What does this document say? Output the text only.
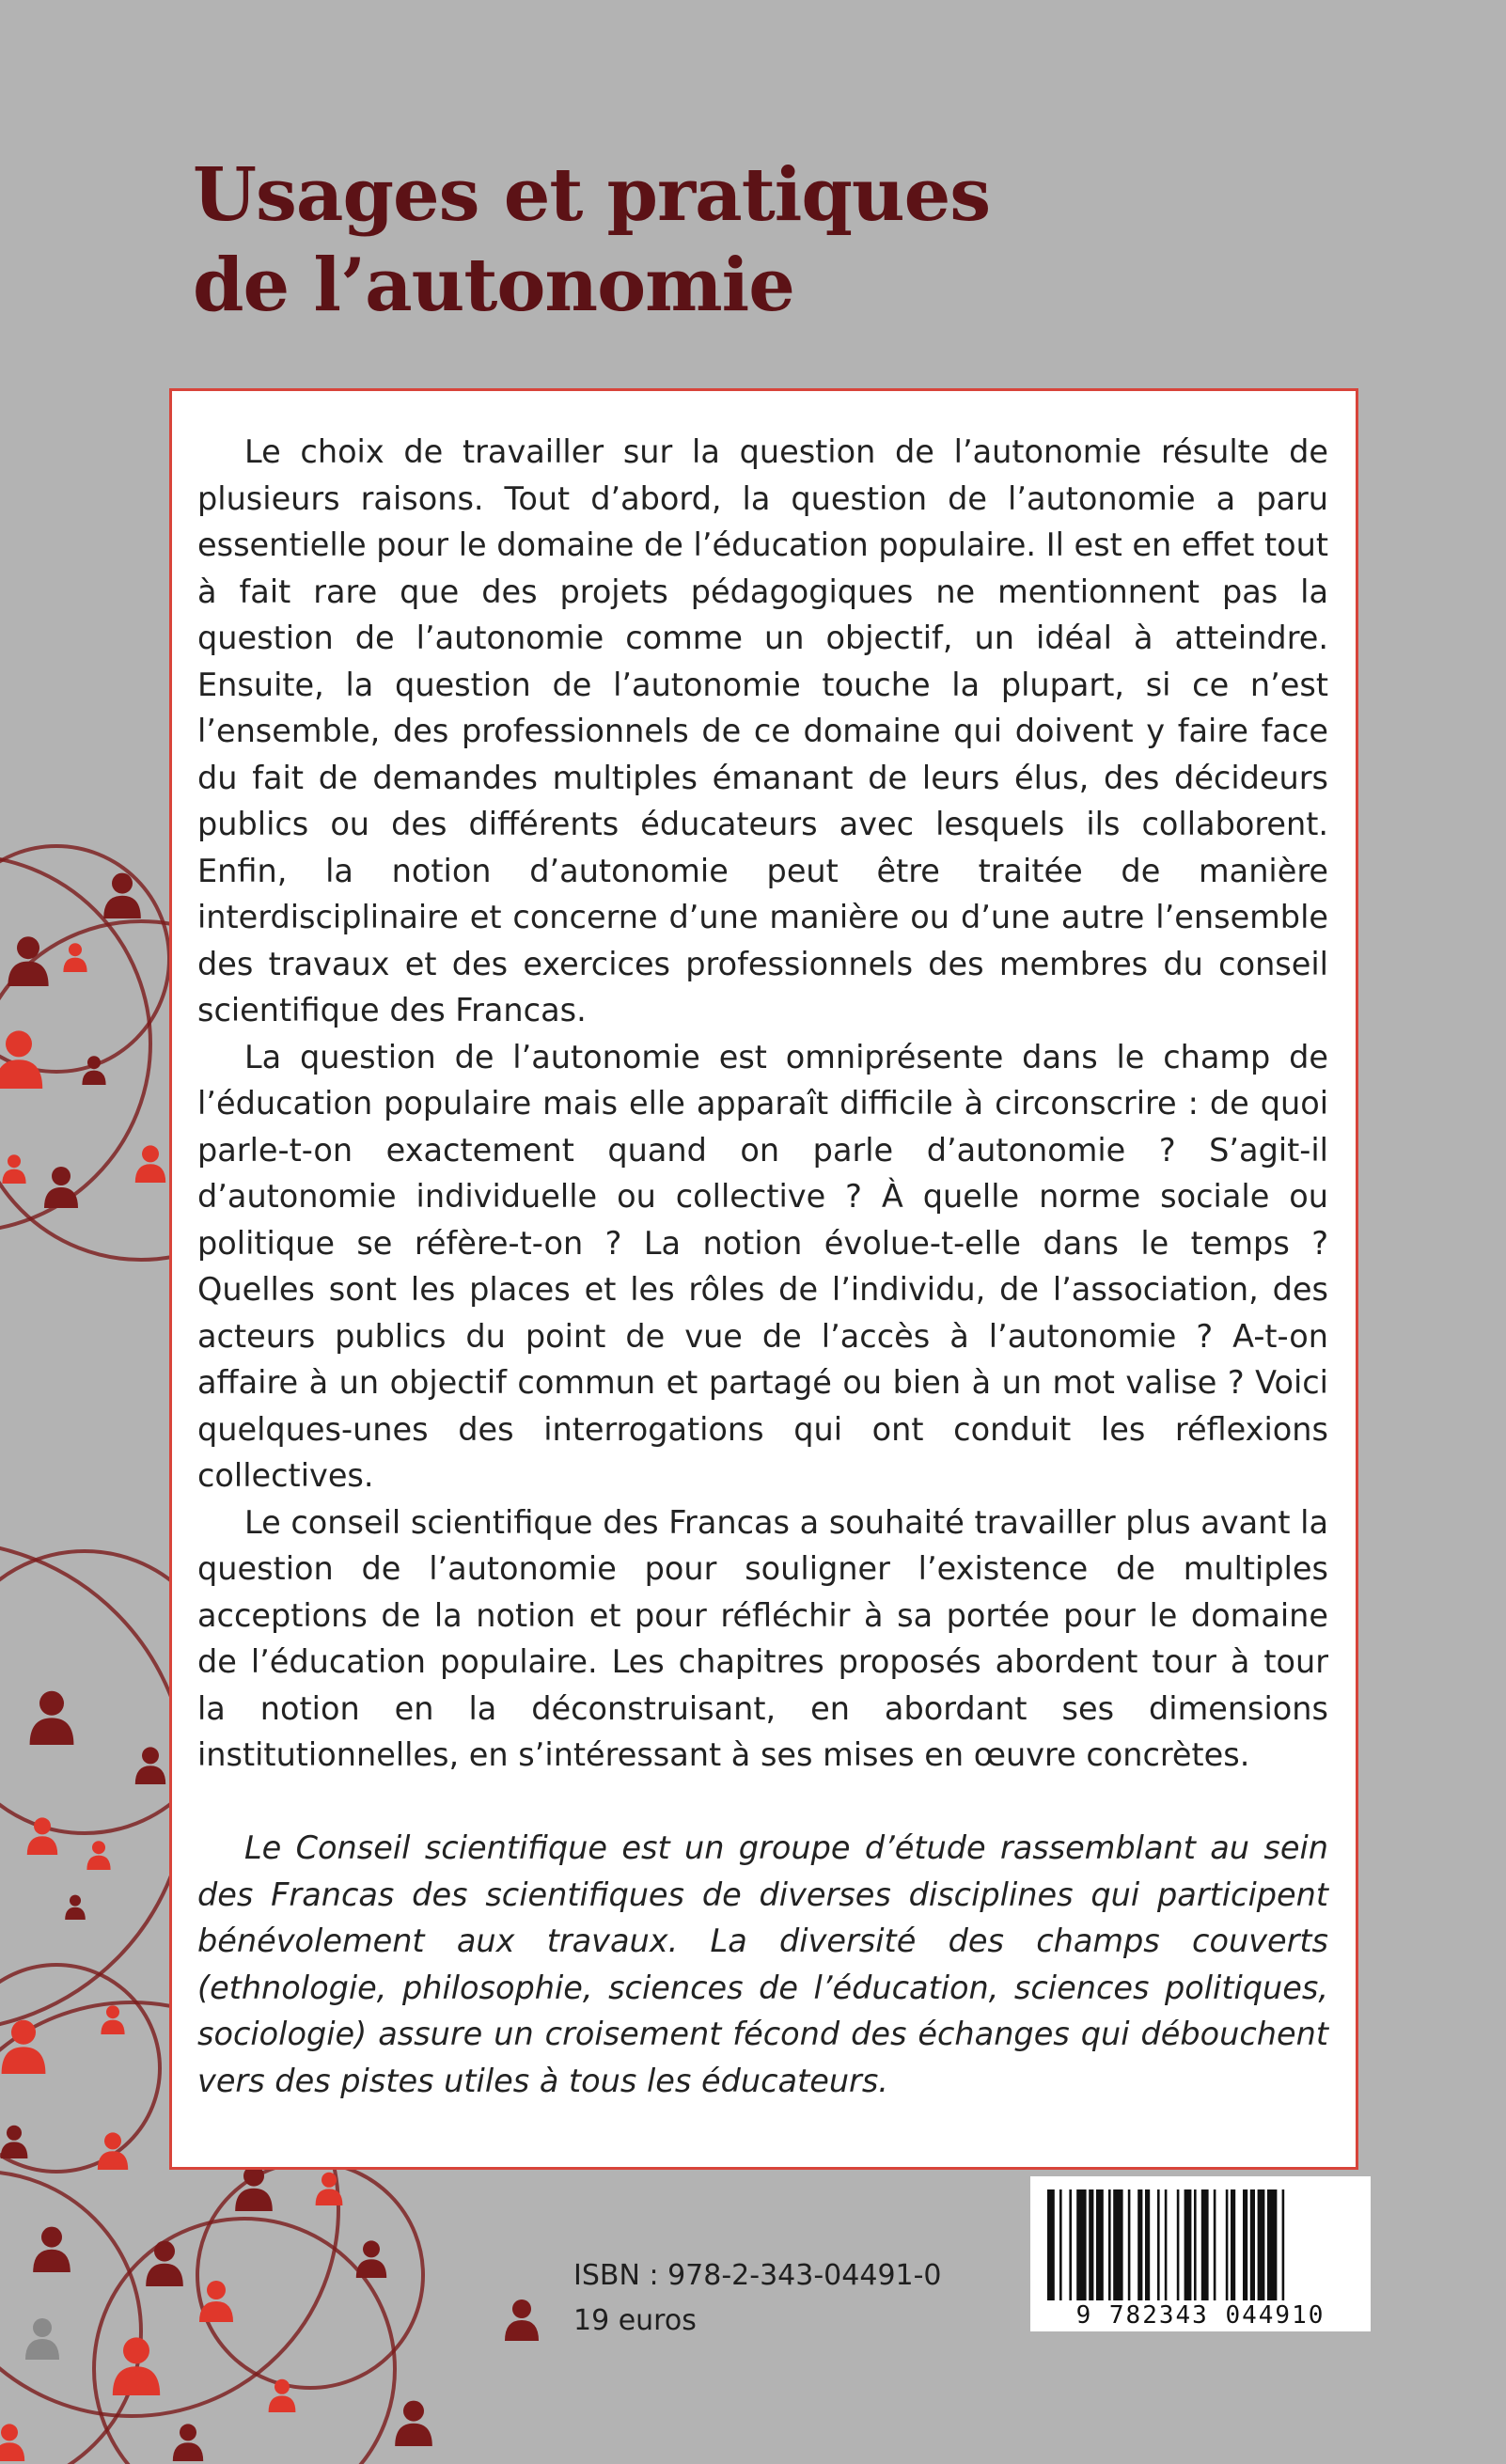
Usages et pratiques
de l’autonomie

Le choix de travailler sur la question de l’autonomie résulte de plusieurs raisons. Tout d’abord, la question de l’autonomie a paru essentielle pour le domaine de l’éducation populaire. Il est en effet tout à fait rare que des projets pédagogiques ne mentionnent pas la question de l’autonomie comme un objectif, un idéal à atteindre. Ensuite, la question de l’autonomie touche la plupart, si ce n’est l’ensemble, des professionnels de ce domaine qui doivent y faire face du fait de demandes multiples émanant de leurs élus, des décideurs publics ou des différents éducateurs avec lesquels ils collaborent. Enfin, la notion d’autonomie peut être traitée de manière interdisciplinaire et concerne d’une manière ou d’une autre l’ensemble des travaux et des exercices professionnels des membres du conseil scientifique des Francas.

La question de l’autonomie est omniprésente dans le champ de l’éducation populaire mais elle apparaît difficile à circonscrire : de quoi parle-t-on exactement quand on parle d’autonomie ? S’agit-il d’autonomie individuelle ou collective ? À quelle norme sociale ou politique se réfère-t-on ? La notion évolue-t-elle dans le temps ? Quelles sont les places et les rôles de l’individu, de l’association, des acteurs publics du point de vue de l’accès à l’autonomie ? A-t-on affaire à un objectif commun et partagé ou bien à un mot valise ? Voici quelques-unes des interrogations qui ont conduit les réflexions collectives.

Le conseil scientifique des Francas a souhaité travailler plus avant la question de l’autonomie pour souligner l’existence de multiples acceptions de la notion et pour réfléchir à sa portée pour le domaine de l’éducation populaire. Les chapitres proposés abordent tour à tour la notion en la déconstruisant, en abordant ses dimensions institutionnelles, en s’intéressant à ses mises en œuvre concrètes.

Le Conseil scientifique est un groupe d’étude rassemblant au sein des Francas des scientifiques de diverses disciplines qui participent bénévolement aux travaux. La diversité des champs couverts (ethnologie, philosophie, sciences de l’éducation, sciences politiques, sociologie) assure un croisement fécond des échanges qui débouchent vers des pistes utiles à tous les éducateurs.

ISBN : 978-2-343-04491-0
19 euros	9 782343 044910
